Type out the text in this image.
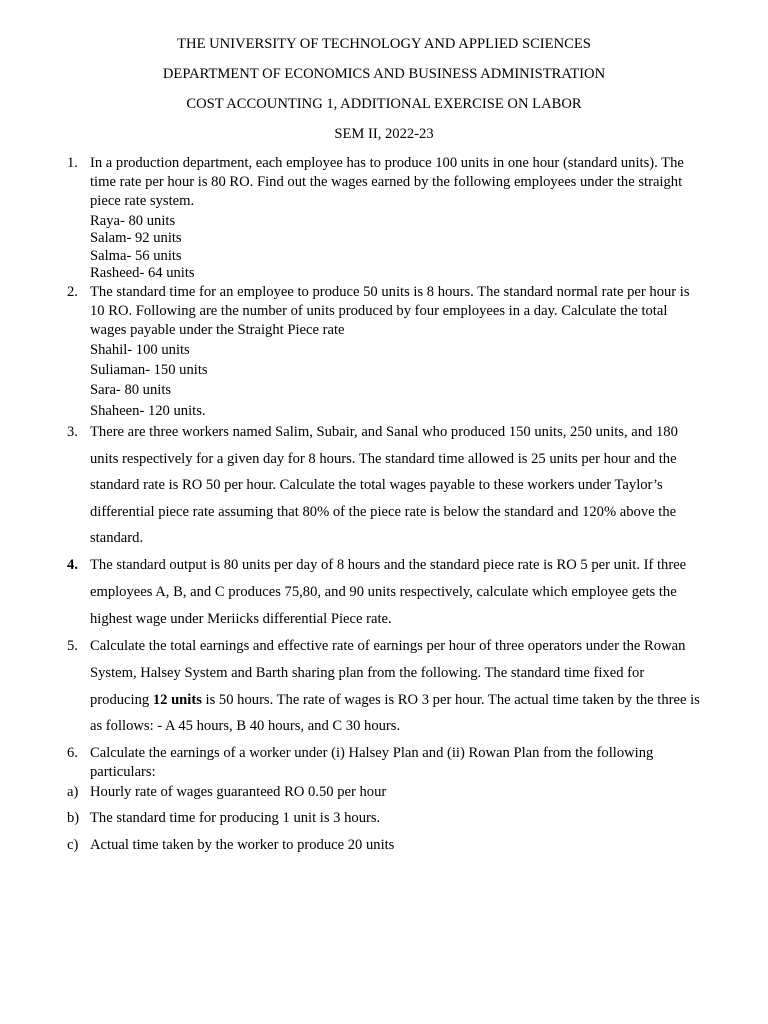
THE UNIVERSITY OF TECHNOLOGY AND APPLIED SCIENCES
DEPARTMENT OF ECONOMICS AND BUSINESS ADMINISTRATION
COST ACCOUNTING 1, ADDITIONAL EXERCISE ON LABOR
SEM II, 2022-23
1. In a production department, each employee has to produce 100 units in one hour (standard units). The
time rate per hour is 80 RO. Find out the wages earned by the following employees under the straight
piece rate system.
Raya- 80 units
Salam- 92 units
Salma- 56 units
Rasheed- 64 units
2. The standard time for an employee to produce 50 units is 8 hours. The standard normal rate per hour is
10 RO. Following are the number of units produced by four employees in a day. Calculate the total
wages payable under the Straight Piece rate
Shahil- 100 units
Suliaman- 150 units
Sara- 80 units
Shaheen- 120 units.
3. There are three workers named Salim, Subair, and Sanal who produced 150 units, 250 units, and 180
units respectively for a given day for 8 hours. The standard time allowed is 25 units per hour and the
standard rate is RO 50 per hour. Calculate the total wages payable to these workers under Taylor’s
differential piece rate assuming that 80% of the piece rate is below the standard and 120% above the
standard.
4. The standard output is 80 units per day of 8 hours and the standard piece rate is RO 5 per unit. If three
employees A, B, and C produces 75,80, and 90 units respectively, calculate which employee gets the
highest wage under Meriicks differential Piece rate.
5. Calculate the total earnings and effective rate of earnings per hour of three operators under the Rowan
System, Halsey System and Barth sharing plan from the following. The standard time fixed for
producing 12 units is 50 hours. The rate of wages is RO 3 per hour. The actual time taken by the three is
as follows: - A 45 hours, B 40 hours, and C 30 hours.
6. Calculate the earnings of a worker under (i) Halsey Plan and (ii) Rowan Plan from the following
particulars:
a) Hourly rate of wages guaranteed RO 0.50 per hour
b) The standard time for producing 1 unit is 3 hours.
c) Actual time taken by the worker to produce 20 units
